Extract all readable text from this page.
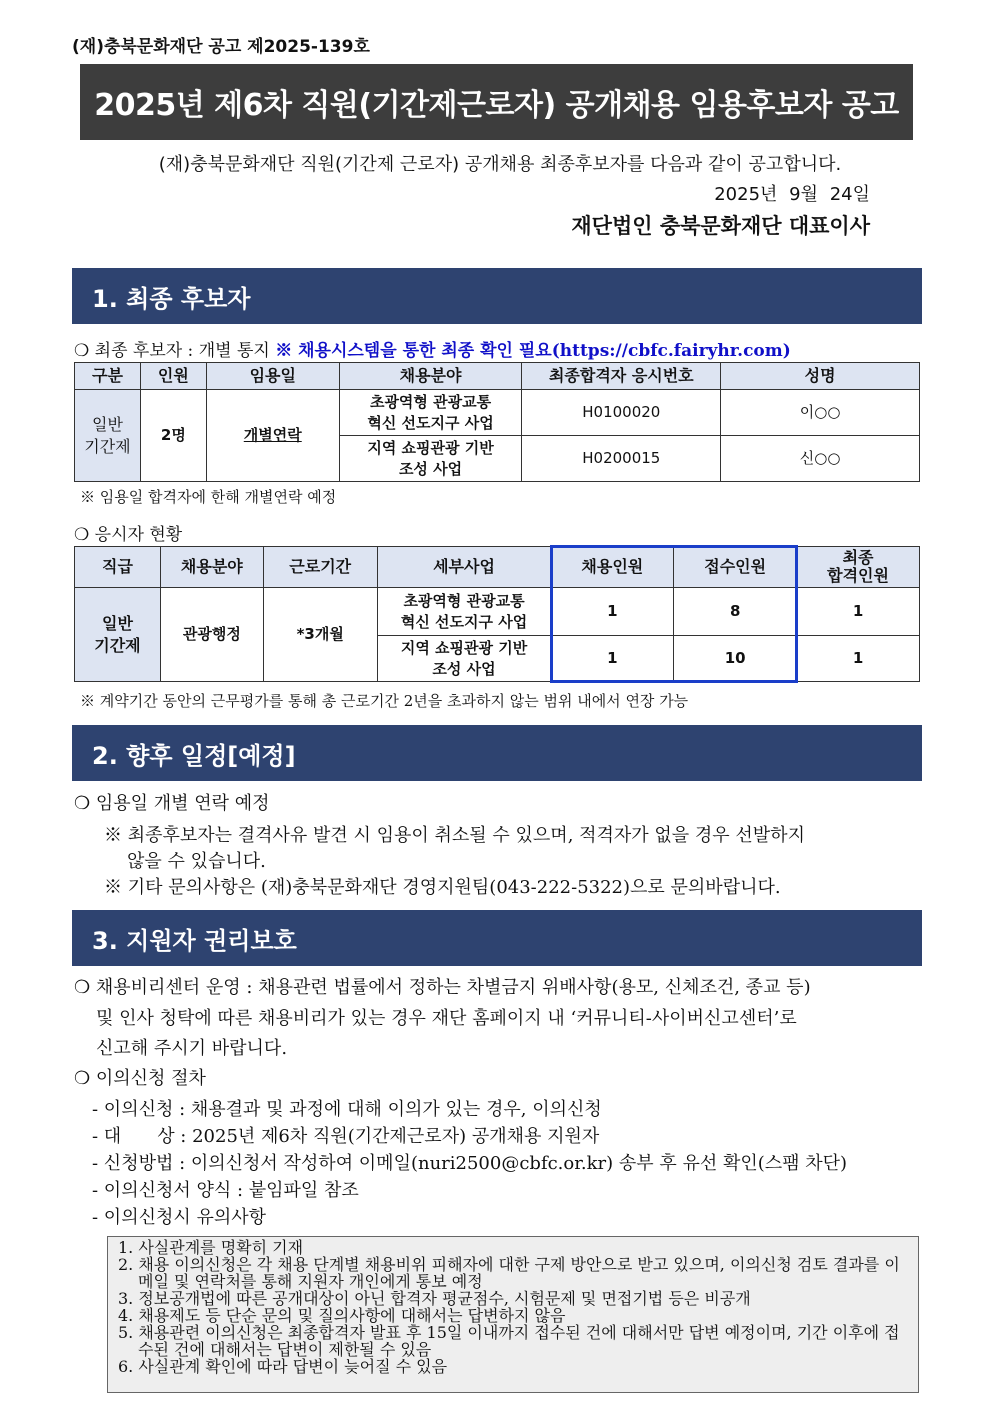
(재)충북문화재단 공고 제2025-139호
2025년 제6차 직원(기간제근로자) 공개채용 임용후보자 공고
(재)충북문화재단 직원(기간제 근로자) 공개채용 최종후보자를 다음과 같이 공고합니다.
2025년 9월 24일
재단법인 충북문화재단 대표이사
1. 최종 후보자
❍ 최종 후보자 : 개별 통지 ※ 채용시스템을 통한 최종 확인 필요(https://cbfc.fairyhr.com)
구분	인원	임용일	채용분야	최종합격자 응시번호	성명
일반
기간제	2명	개별연락	초광역형 관광교통
혁신 선도지구 사업	H0100020	이○○
			지역 쇼핑관광 기반
조성 사업	H0200015	신○○
※ 임용일 합격자에 한해 개별연락 예정
❍ 응시자 현황
직급	채용분야	근로기간	세부사업	채용인원	접수인원	최종
합격인원
일반
기간제	관광행정	*3개월	초광역형 관광교통
혁신 선도지구 사업	1	8	1
			지역 쇼핑관광 기반
조성 사업	1	10	1
※ 계약기간 동안의 근무평가를 통해 총 근로기간 2년을 초과하지 않는 범위 내에서 연장 가능
2. 향후 일정[예정]
❍ 임용일 개별 연락 예정
※ 최종후보자는 결격사유 발견 시 임용이 취소될 수 있으며, 적격자가 없을 경우 선발하지
않을 수 있습니다.
※ 기타 문의사항은 (재)충북문화재단 경영지원팀(043-222-5322)으로 문의바랍니다.
3. 지원자 권리보호
❍ 채용비리센터 운영 : 채용관련 법률에서 정하는 차별금지 위배사항(용모, 신체조건, 종교 등)
및 인사 청탁에 따른 채용비리가 있는 경우 재단 홈페이지 내 ‘커뮤니티-사이버신고센터’로
신고해 주시기 바랍니다.
❍ 이의신청 절차
- 이의신청 : 채용결과 및 과정에 대해 이의가 있는 경우, 이의신청
- 대　　상 : 2025년 제6차 직원(기간제근로자) 공개채용 지원자
- 신청방법 : 이의신청서 작성하여 이메일(nuri2500@cbfc.or.kr) 송부 후 유선 확인(스팸 차단)
- 이의신청서 양식 : 붙임파일 참조
- 이의신청시 유의사항
1. 사실관계를 명확히 기재
2. 채용 이의신청은 각 채용 단계별 채용비위 피해자에 대한 구제 방안으로 받고 있으며, 이의신청 검토 결과를 이메일 및 연락처를 통해 지원자 개인에게 통보 예정
3. 정보공개법에 따른 공개대상이 아닌 합격자 평균점수, 시험문제 및 면접기법 등은 비공개
4. 채용제도 등 단순 문의 및 질의사항에 대해서는 답변하지 않음
5. 채용관련 이의신청은 최종합격자 발표 후 15일 이내까지 접수된 건에 대해서만 답변 예정이며, 기간 이후에 접수된 건에 대해서는 답변이 제한될 수 있음
6. 사실관계 확인에 따라 답변이 늦어질 수 있음
